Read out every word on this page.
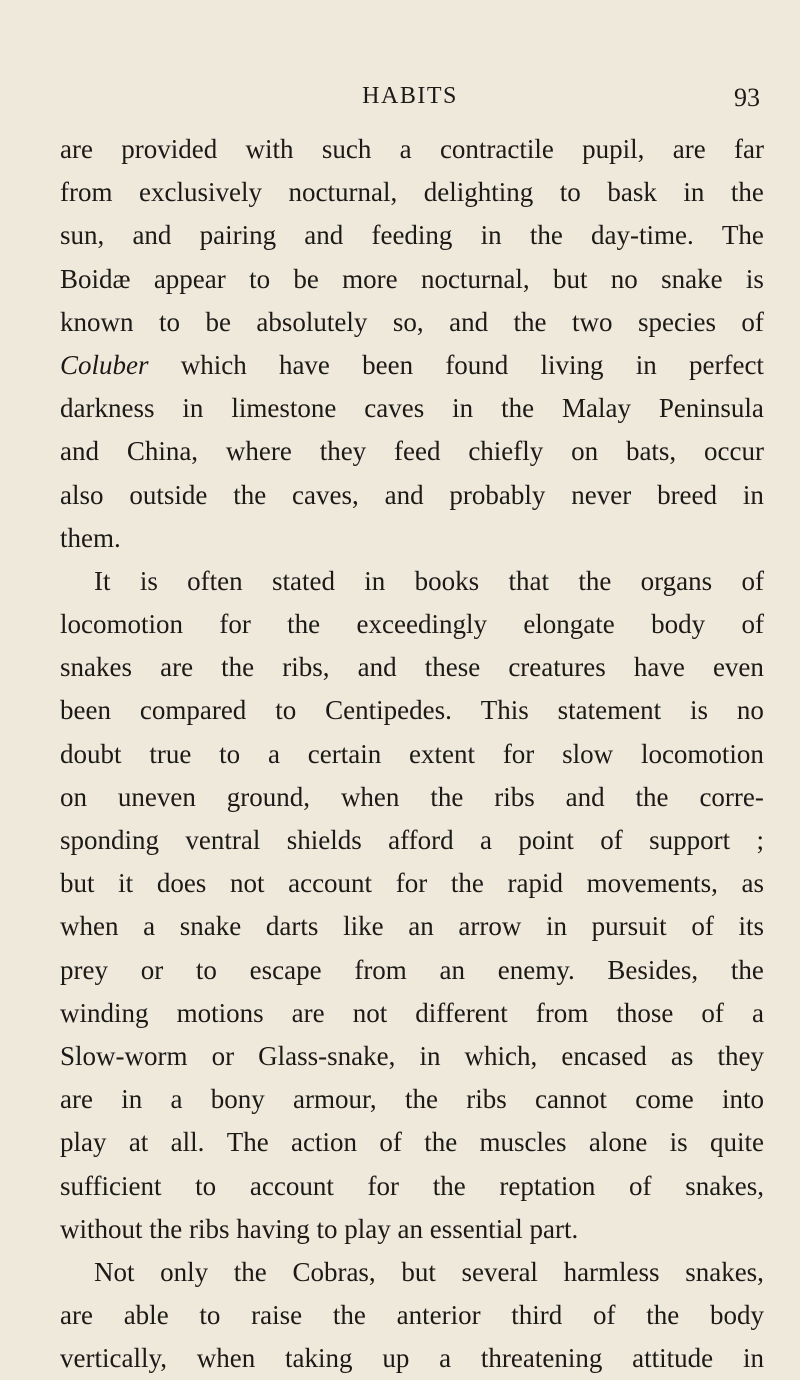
HABITS	93
are provided with such a contractile pupil, are far
from exclusively nocturnal, delighting to bask in the
sun, and pairing and feeding in the day-time. The
Boidæ appear to be more nocturnal, but no snake is
known to be absolutely so, and the two species of
Coluber which have been found living in perfect
darkness in limestone caves in the Malay Peninsula
and China, where they feed chiefly on bats, occur
also outside the caves, and probably never breed in
them.
It is often stated in books that the organs of
locomotion for the exceedingly elongate body of
snakes are the ribs, and these creatures have even
been compared to Centipedes. This statement is no
doubt true to a certain extent for slow locomotion
on uneven ground, when the ribs and the corre-
sponding ventral shields afford a point of support ;
but it does not account for the rapid movements, as
when a snake darts like an arrow in pursuit of its
prey or to escape from an enemy. Besides, the
winding motions are not different from those of a
Slow-worm or Glass-snake, in which, encased as they
are in a bony armour, the ribs cannot come into
play at all. The action of the muscles alone is quite
sufficient to account for the reptation of snakes,
without the ribs having to play an essential part.
Not only the Cobras, but several harmless snakes,
are able to raise the anterior third of the body
vertically, when taking up a threatening attitude in
